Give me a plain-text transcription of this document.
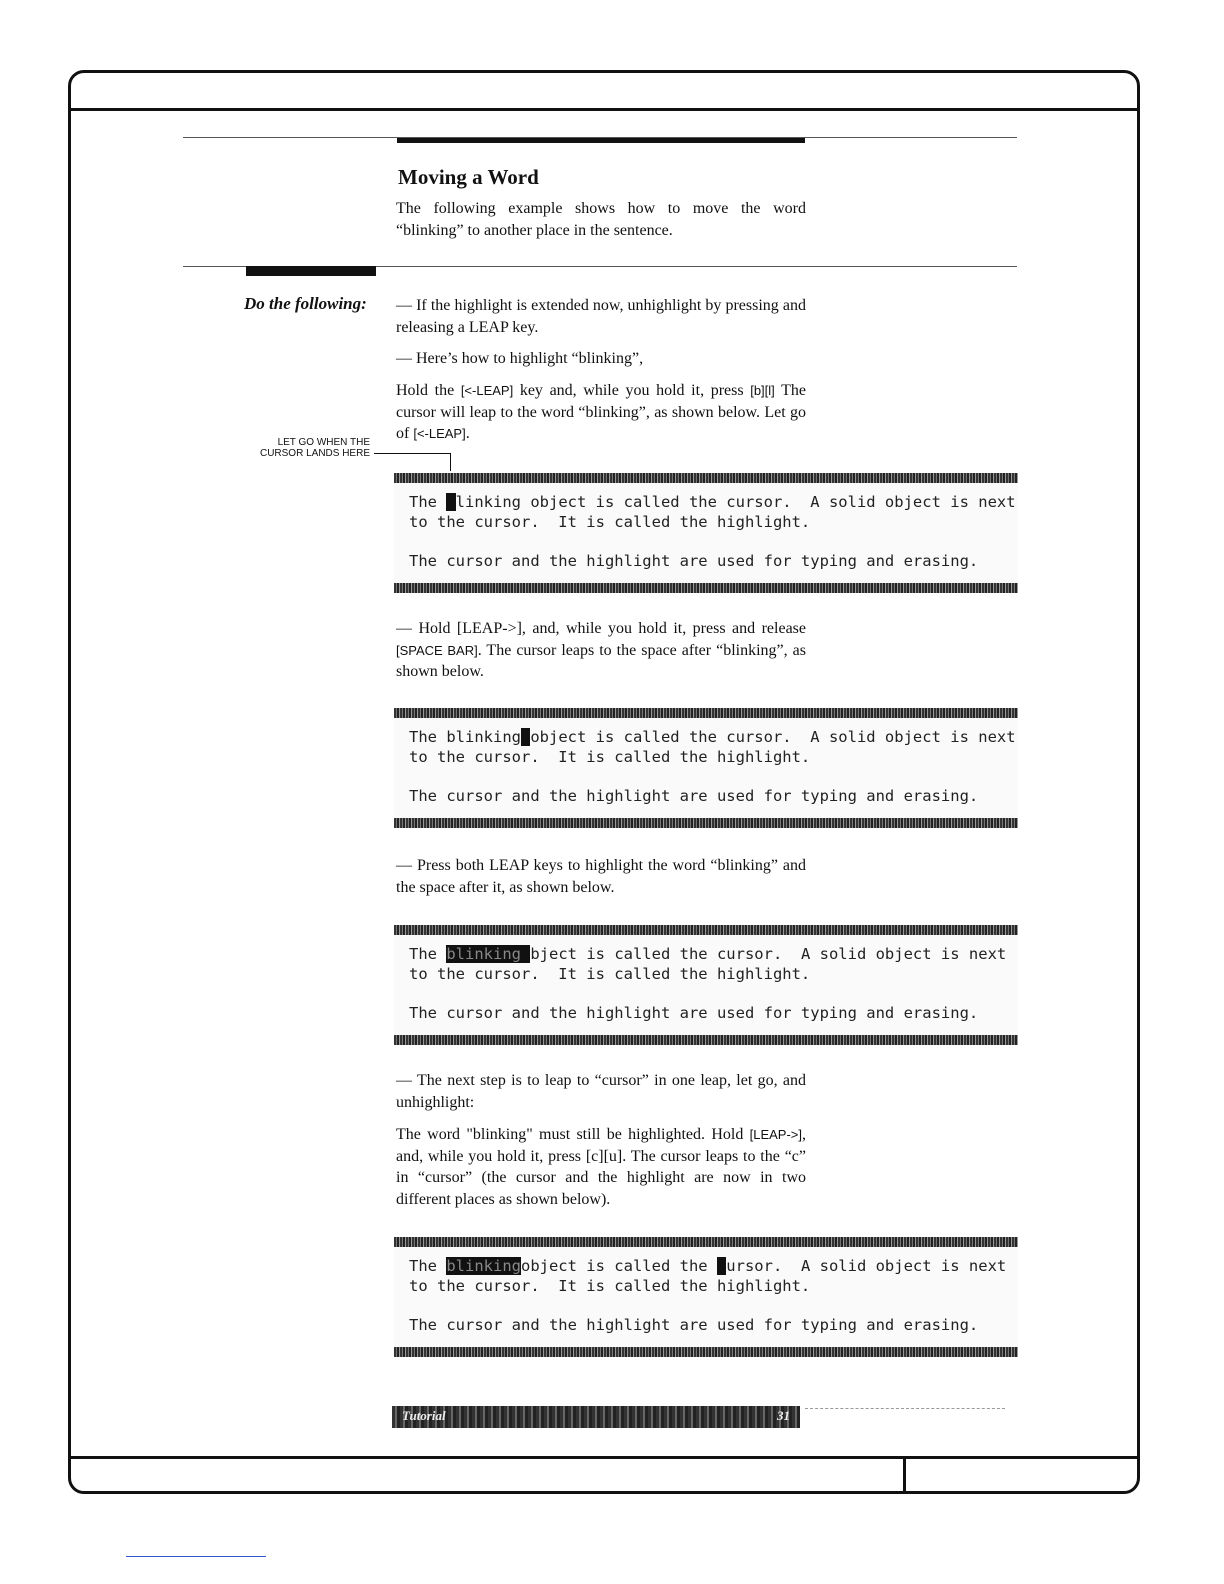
Moving a Word
The following example shows how to move the word “blinking” to another place in the sentence.
Do the following: — If the highlight is extended now, unhighlight by pressing and releasing a LEAP key.
— Here’s how to highlight “blinking”,
Hold the [<-LEAP] key and, while you hold it, press [b][l] The cursor will leap to the word “blinking”, as shown below. Let go of [<-LEAP].
LET GO WHEN THE CURSOR LANDS HERE
The blinking object is called the cursor.  A solid object is next
to the cursor.  It is called the highlight.

The cursor and the highlight are used for typing and erasing.
— Hold [LEAP->], and, while you hold it, press and release [SPACE BAR]. The cursor leaps to the space after “blinking”, as shown below.
The blinking object is called the cursor.  A solid object is next
to the cursor.  It is called the highlight.

The cursor and the highlight are used for typing and erasing.
— Press both LEAP keys to highlight the word “blinking” and the space after it, as shown below.
The blinking bject is called the cursor.  A solid object is next
to the cursor.  It is called the highlight.

The cursor and the highlight are used for typing and erasing.
— The next step is to leap to “cursor” in one leap, let go, and unhighlight:
The word "blinking" must still be highlighted. Hold [LEAP->], and, while you hold it, press [c][u]. The cursor leaps to the “c” in “cursor” (the cursor and the highlight are now in two different places as shown below).
The blinkingobject is called the cursor.  A solid object is next
to the cursor.  It is called the highlight.

The cursor and the highlight are used for typing and erasing.
Tutorial	31
